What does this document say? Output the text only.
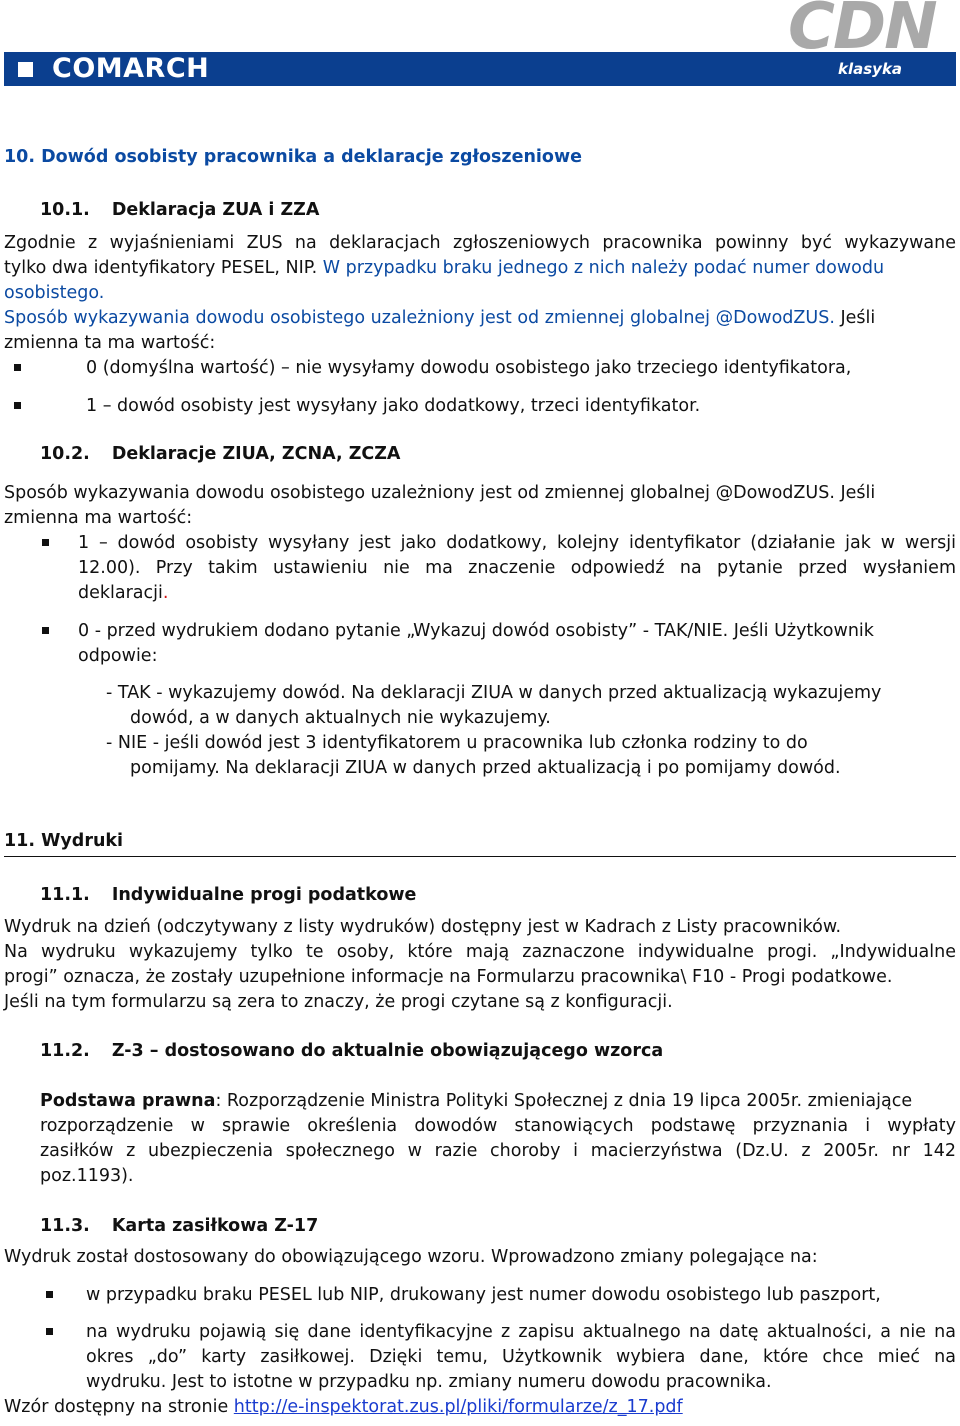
COMARCH
CDN
klasyka
10. Dowód osobisty pracownika a deklaracje zgłoszeniowe
10.1. Deklaracja ZUA i ZZA
Zgodnie z wyjaśnieniami ZUS na deklaracjach zgłoszeniowych pracownika powinny być wykazywane
tylko dwa identyfikatory PESEL, NIP. W przypadku braku jednego z nich należy podać numer dowodu
osobistego.
Sposób wykazywania dowodu osobistego uzależniony jest od zmiennej globalnej @DowodZUS. Jeśli
zmienna ta ma wartość:
0 (domyślna wartość) – nie wysyłamy dowodu osobistego jako trzeciego identyfikatora,
1 – dowód osobisty jest wysyłany jako dodatkowy, trzeci identyfikator.
10.2. Deklaracje ZIUA, ZCNA, ZCZA
Sposób wykazywania dowodu osobistego uzależniony jest od zmiennej globalnej @DowodZUS. Jeśli
zmienna ma wartość:
1 – dowód osobisty wysyłany jest jako dodatkowy, kolejny identyfikator (działanie jak w wersji
12.00). Przy takim ustawieniu nie ma znaczenie odpowiedź na pytanie przed wysłaniem
deklaracji.
0 - przed wydrukiem dodano pytanie „Wykazuj dowód osobisty” - TAK/NIE. Jeśli Użytkownik
odpowie:
- TAK - wykazujemy dowód. Na deklaracji ZIUA w danych przed aktualizacją wykazujemy
dowód, a w danych aktualnych nie wykazujemy.
- NIE - jeśli dowód jest 3 identyfikatorem u pracownika lub członka rodziny to do
pomijamy. Na deklaracji ZIUA w danych przed aktualizacją i po pomijamy dowód.
11. Wydruki
11.1. Indywidualne progi podatkowe
Wydruk na dzień (odczytywany z listy wydruków) dostępny jest w Kadrach z Listy pracowników.
Na wydruku wykazujemy tylko te osoby, które mają zaznaczone indywidualne progi. „Indywidualne
progi” oznacza, że zostały uzupełnione informacje na Formularzu pracownika\ F10 - Progi podatkowe.
Jeśli na tym formularzu są zera to znaczy, że progi czytane są z konfiguracji.
11.2. Z-3 – dostosowano do aktualnie obowiązującego wzorca
Podstawa prawna: Rozporządzenie Ministra Polityki Społecznej z dnia 19 lipca 2005r. zmieniające
rozporządzenie w sprawie określenia dowodów stanowiących podstawę przyznania i wypłaty
zasiłków z ubezpieczenia społecznego w razie choroby i macierzyństwa (Dz.U. z 2005r. nr 142
poz.1193).
11.3. Karta zasiłkowa Z-17
Wydruk został dostosowany do obowiązującego wzoru. Wprowadzono zmiany polegające na:
w przypadku braku PESEL lub NIP, drukowany jest numer dowodu osobistego lub paszport,
na wydruku pojawią się dane identyfikacyjne z zapisu aktualnego na datę aktualności, a nie na
okres „do” karty zasiłkowej. Dzięki temu, Użytkownik wybiera dane, które chce mieć na
wydruku. Jest to istotne w przypadku np. zmiany numeru dowodu pracownika.
Wzór dostępny na stronie http://e-inspektorat.zus.pl/pliki/formularze/z_17.pdf
